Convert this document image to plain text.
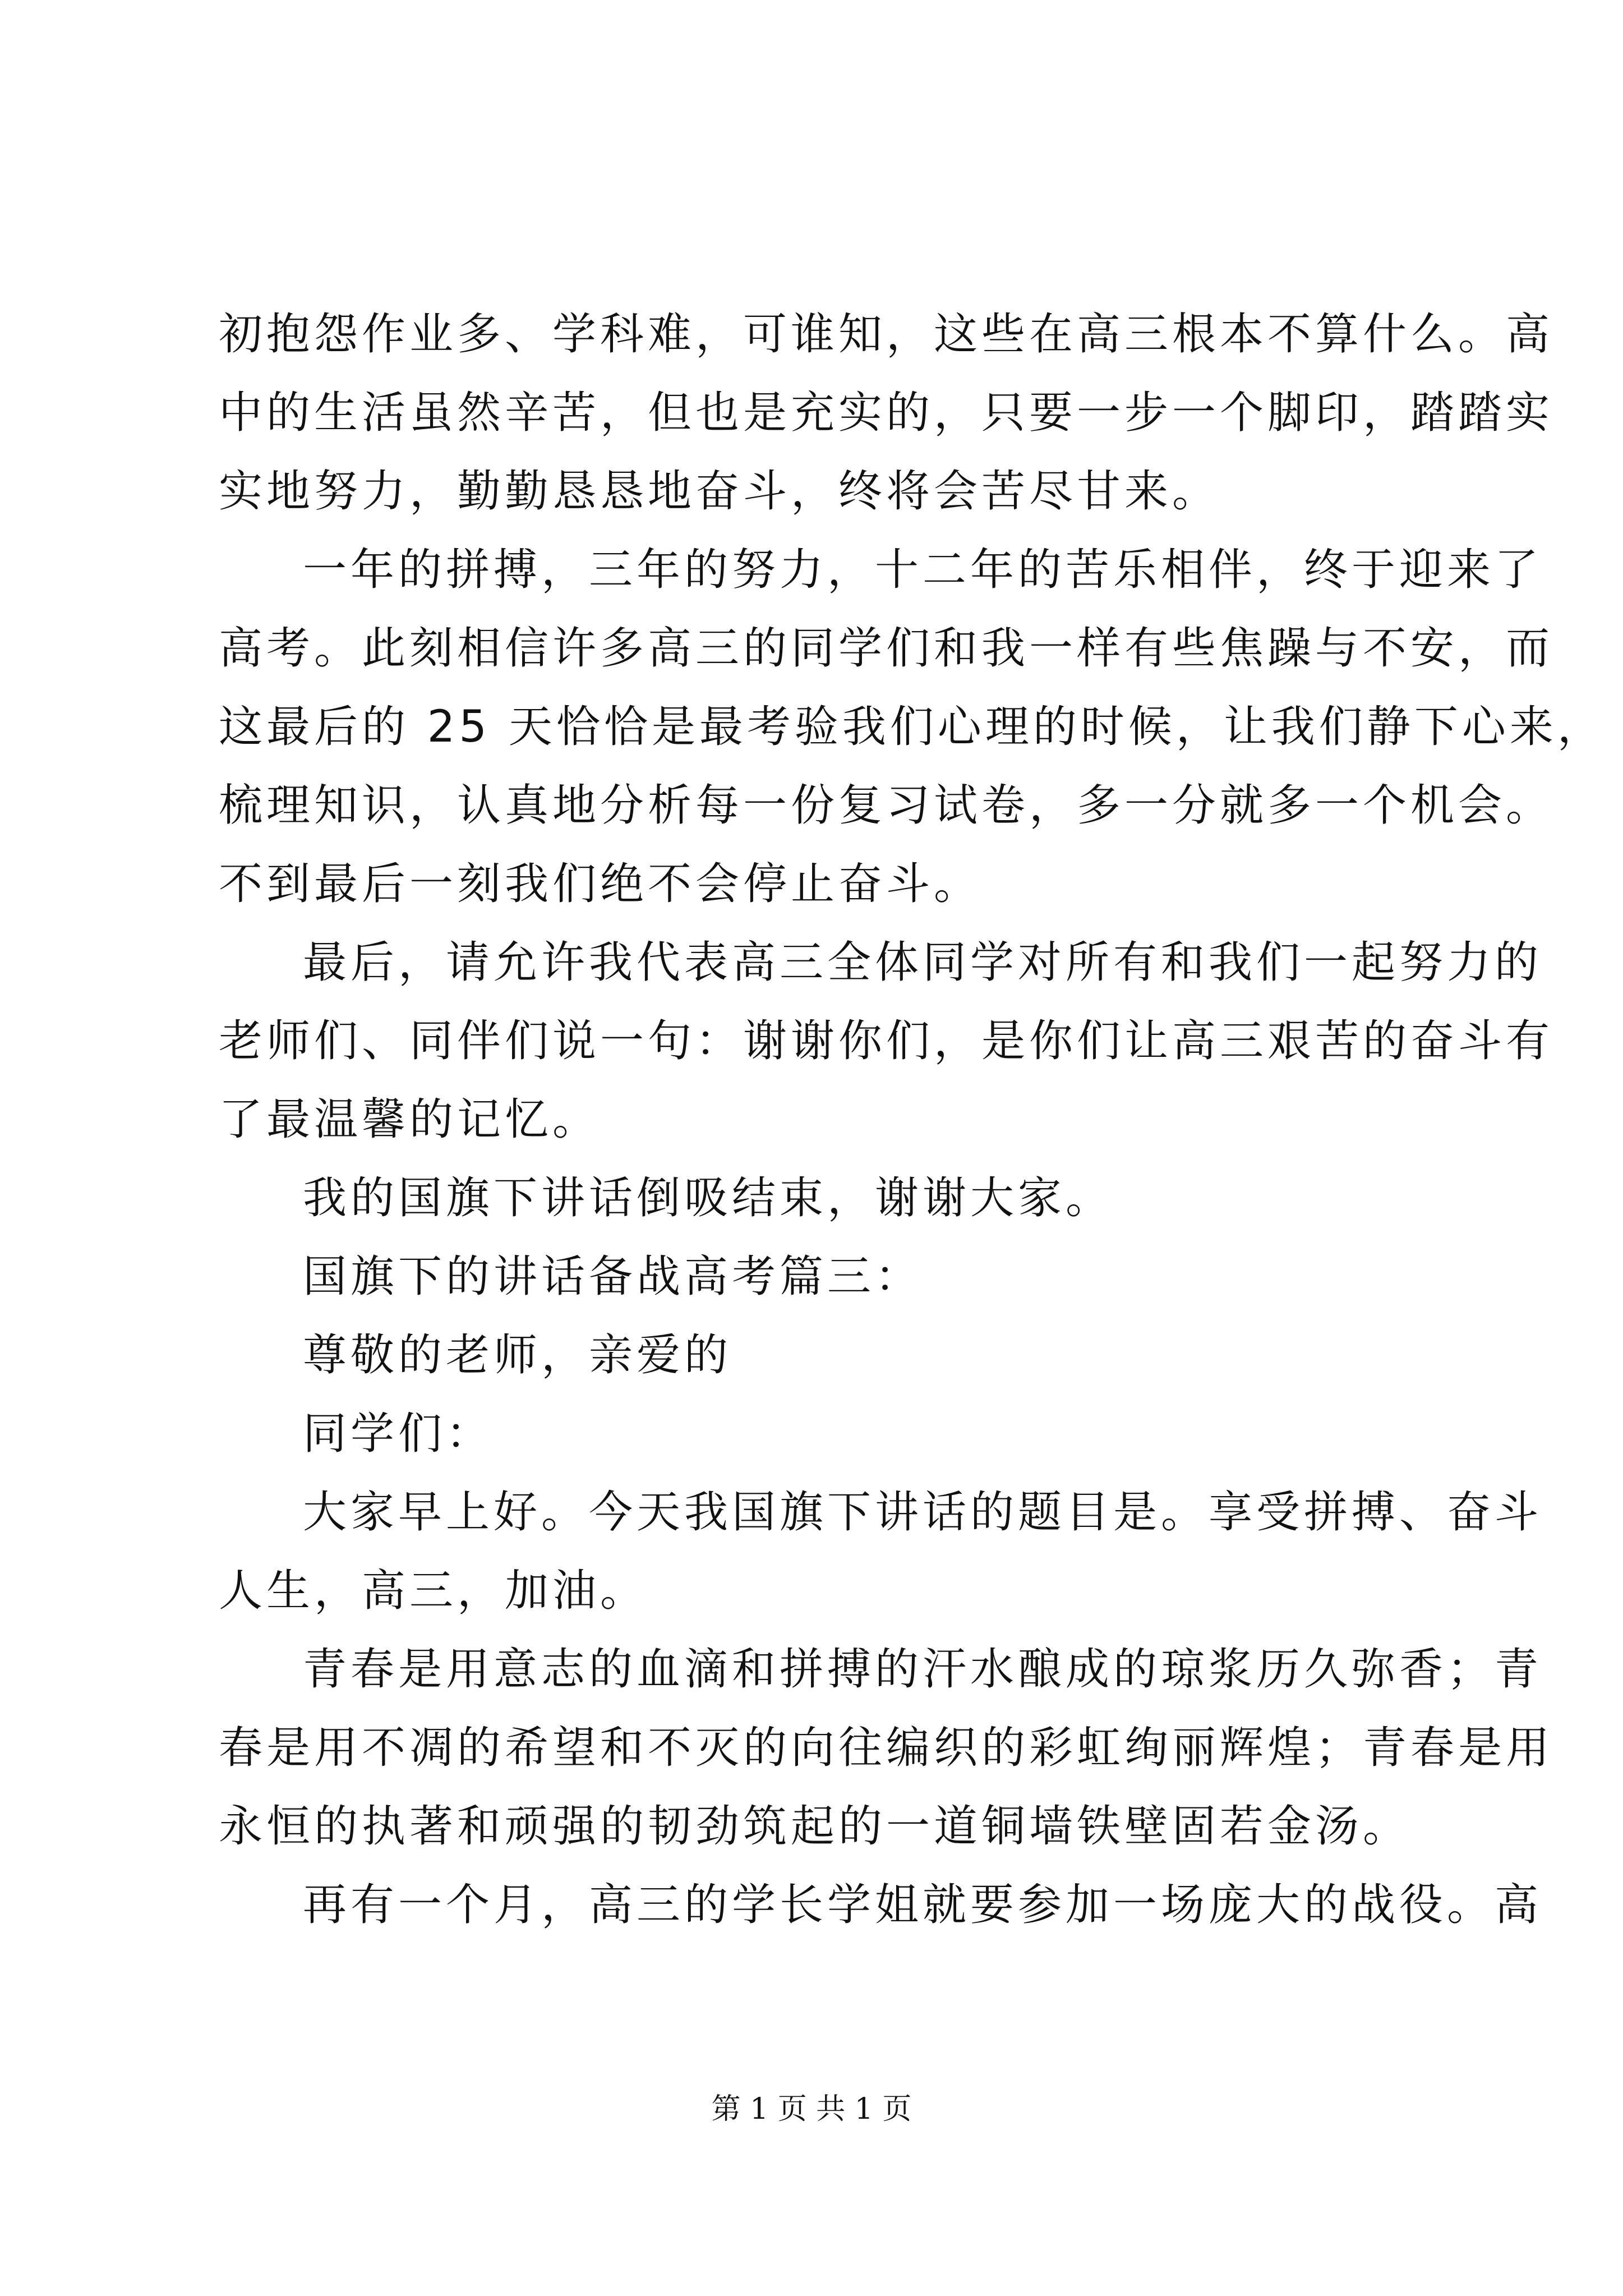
初抱怨作业多、学科难，可谁知，这些在高三根本不算什么。高
中的生活虽然辛苦，但也是充实的，只要一步一个脚印，踏踏实
实地努力，勤勤恳恳地奋斗，终将会苦尽甘来。
一年的拼搏，三年的努力，十二年的苦乐相伴，终于迎来了
高考。此刻相信许多高三的同学们和我一样有些焦躁与不安，而
这最后的 25 天恰恰是最考验我们心理的时候，让我们静下心来，
梳理知识，认真地分析每一份复习试卷，多一分就多一个机会。
不到最后一刻我们绝不会停止奋斗。
最后，请允许我代表高三全体同学对所有和我们一起努力的
老师们、同伴们说一句：谢谢你们，是你们让高三艰苦的奋斗有
了最温馨的记忆。
我的国旗下讲话倒吸结束，谢谢大家。
国旗下的讲话备战高考篇三：
尊敬的老师，亲爱的
同学们：
大家早上好。今天我国旗下讲话的题目是。享受拼搏、奋斗
人生，高三，加油。
青春是用意志的血滴和拼搏的汗水酿成的琼浆历久弥香；青
春是用不凋的希望和不灭的向往编织的彩虹绚丽辉煌；青春是用
永恒的执著和顽强的韧劲筑起的一道铜墙铁壁固若金汤。
再有一个月，高三的学长学姐就要参加一场庞大的战役。高
第 1 页 共 1 页
